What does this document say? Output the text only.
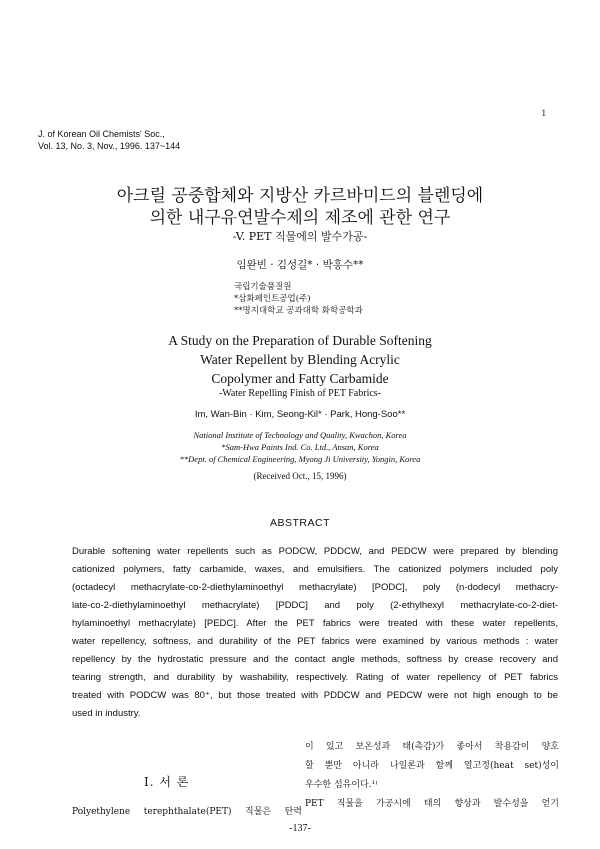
1
J. of Korean Oil Chemists' Soc.,
Vol. 13, No. 3, Nov., 1996. 137~144
아크릴 공중합체와 지방산 카르바미드의 블렌딩에
의한 내구유연발수제의 제조에 관한 연구
-V. PET 직물에의 발수가공-
임완빈 · 김성길* · 박홍수**
국립기술품질원
*삼화페인트공업(주)
**명지대학교 공과대학 화학공학과
A Study on the Preparation of Durable Softening
Water Repellent by Blending Acrylic
Copolymer and Fatty Carbamide
-Water Repelling Finish of PET Fabrics-
Im, Wan-Bin · Kim, Seong-Kil* · Park, Hong-Soo**
National Institute of Technology and Quality, Kwachon, Korea
*Sam-Hwa Paints Ind. Co. Ltd., Ansan, Korea
**Dept. of Chemical Engineering, Myong Ji University, Yongin, Korea
(Received Oct., 15, 1996)
ABSTRACT
Durable softening water repellents such as PODCW, PDDCW, and PEDCW were prepared by blending
cationized polymers, fatty carbamide, waxes, and emulsifiers. The cationized polymers included poly
(octadecyl methacrylate-co-2-diethylaminoethyl methacrylate) [PODC], poly (n-dodecyl methacry-
late-co-2-diethylaminoethyl methacrylate) [PDDC] and poly (2-ethylhexyl methacrylate-co-2-diet-
hylaminoethyl methacrylate) [PEDC]. After the PET fabrics were treated with these water repellents,
water repellency, softness, and durability of the PET fabrics were examined by various methods : water
repellency by the hydrostatic pressure and the contact angle methods, softness by crease recovery and
tearing strength, and durability by washability, respectively. Rating of water repellency of PET fabrics
treated with PODCW was 80⁺, but those treated with PDDCW and PEDCW were not high enough to be
used in industry.
I. 서 론
Polyethylene terephthalate(PET) 직물은 탄력
이 있고 보온성과 태(촉감)가 좋아서 착용감이 양호
할 뿐만 아니라 나일론과 함께 열고정(heat set)성이
우수한 섬유이다.¹⁾
PET 직물을 가공시에 태의 향상과 발수성을 얻기
-137-
